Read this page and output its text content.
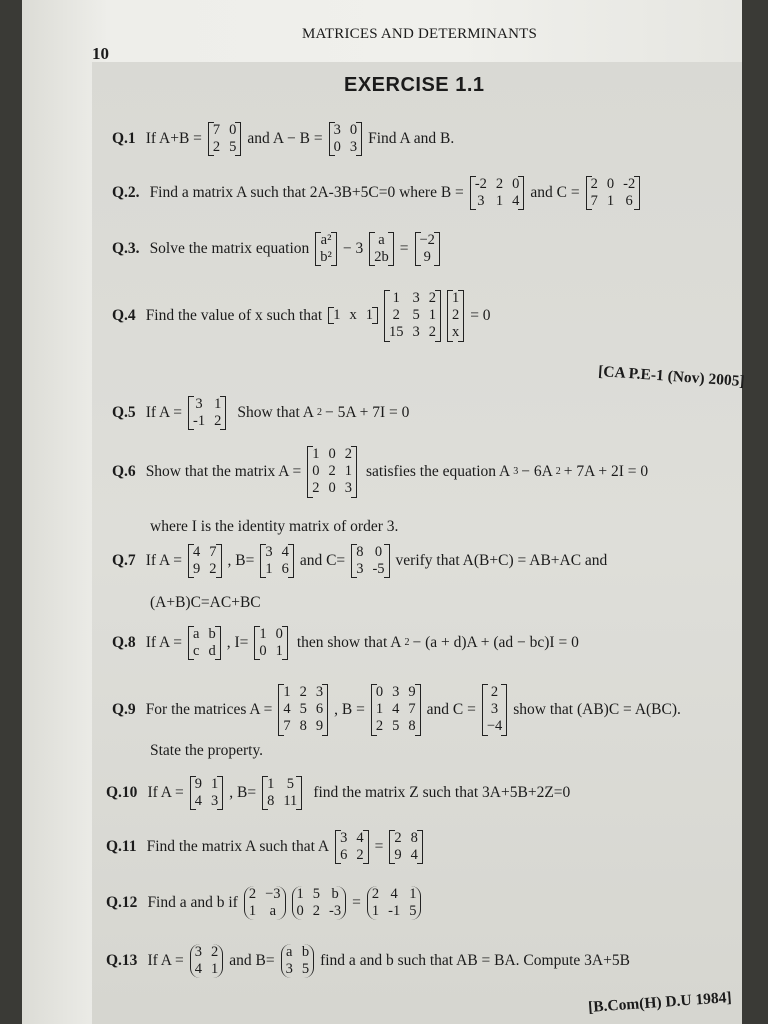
10
MATRICES AND DETERMINANTS
EXERCISE 1.1
Q.1 If A+B =
7 0
2 5 and A − B =
3 0
0 3 Find A and B.
Q.2. Find a matrix A such that 2A-3B+5C=0 where B =
-2 2 0
3 1 4 and C =
2 0 -2
7 1 6
Q.3. Solve the matrix equation
a²
b² − 3
a
2b =
−2
9
Q.4 Find the value of x such that 1 x 1
1 3 2
2 5 1
15 3 2
1
2
x
= 0
[CA P.E-1 (Nov) 2005]
Q.5 If A =
3 1
-1 2 Show that A 2 − 5A + 7I = 0
Q.6 Show that the matrix A =
1 0 2
0 2 1
2 0 3
satisfies the equation A 3 − 6A 2 + 7A + 2I = 0
where I is the identity matrix of order 3.
Q.7 If A =
4 7
9 2 , B=
3 4
1 6 and C=
8 0
3 -5 verify that A(B+C) = AB+AC and
(A+B)C=AC+BC
Q.8 If A =
a b
c d , I=
1 0
0 1 then show that A 2 − (a + d)A + (ad − bc)I = 0
Q.9 For the matrices A =
1 2 3
4 5 6
7 8 9
, B =
0 3 9
1 4 7
2 5 8
and C =
2
3
−4
show that (AB)C = A(BC).
State the property.
Q.10 If A =
9 1
4 3 , B=
1 5
8 11 find the matrix Z such that 3A+5B+2Z=0
Q.11 Find the matrix A such that A
3 4
6 2 =
2 8
9 4
Q.12 Find a and b if
2 −3
1 a
1 5 b
0 2 -3 =
2 4 1
1 -1 5
Q.13 If A =
3 2
4 1 and B=
a b
3 5 find a and b such that AB = BA. Compute 3A+5B
[B.Com(H) D.U 1984]
